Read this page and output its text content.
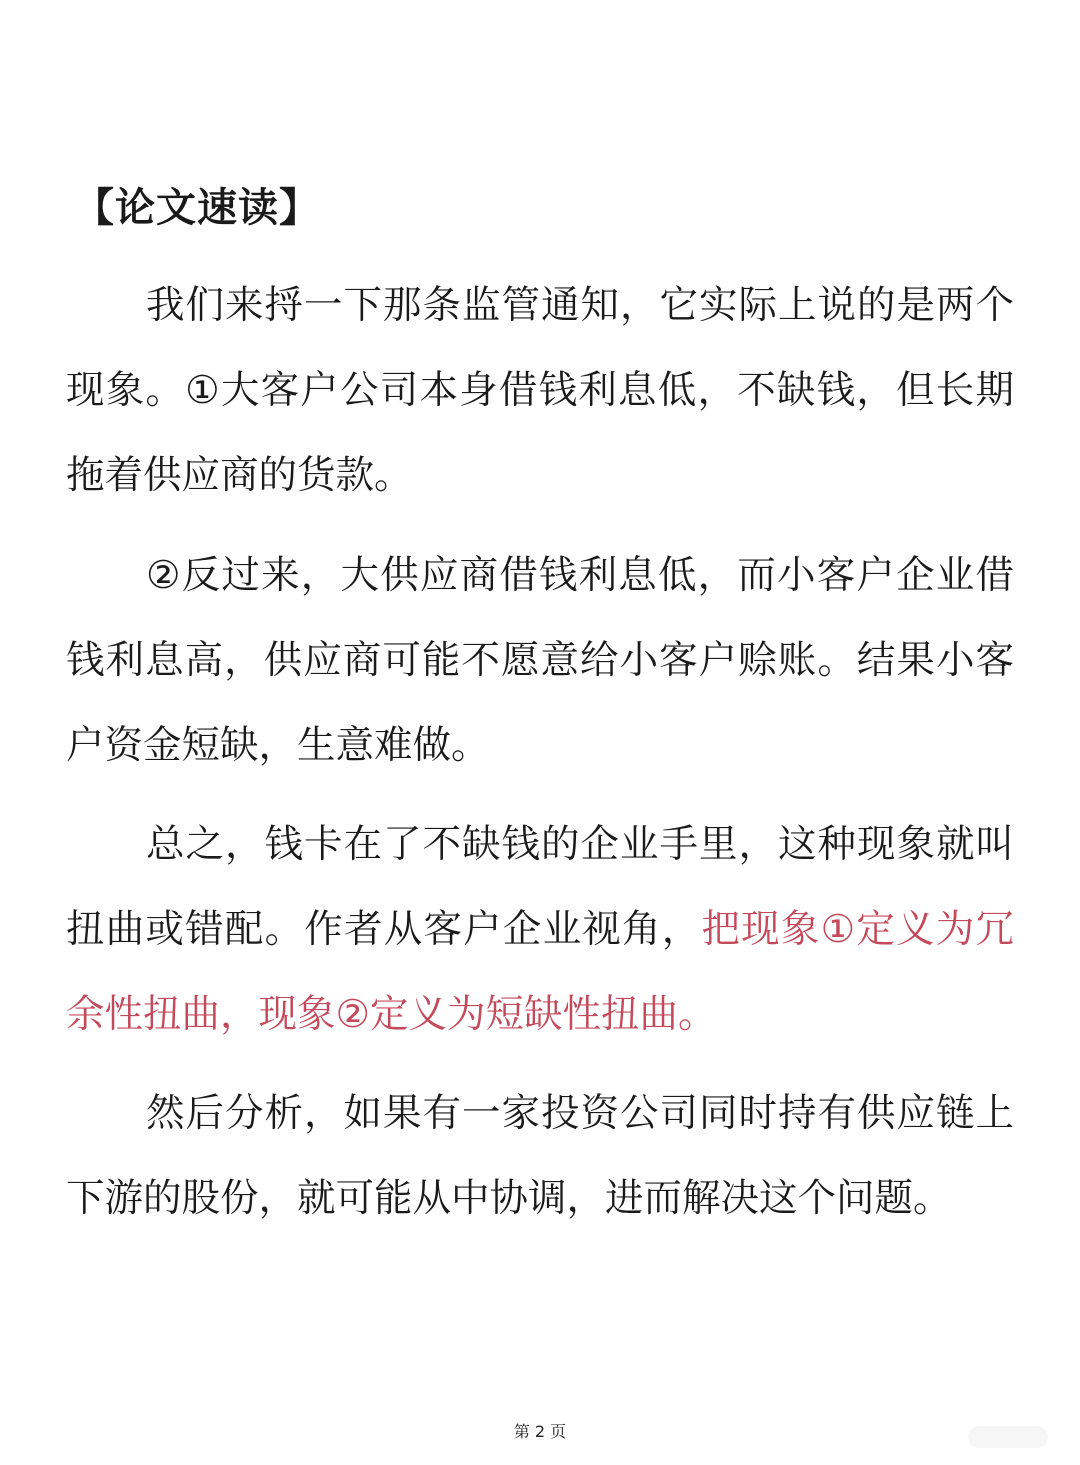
【论文速读】

我们来捋一下那条监管通知，它实际上说的是两个现象。①大客户公司本身借钱利息低，不缺钱，但长期拖着供应商的货款。

②反过来，大供应商借钱利息低，而小客户企业借钱利息高，供应商可能不愿意给小客户赊账。结果小客户资金短缺，生意难做。

总之，钱卡在了不缺钱的企业手里，这种现象就叫扭曲或错配。作者从客户企业视角，把现象①定义为冗余性扭曲，现象②定义为短缺性扭曲。

然后分析，如果有一家投资公司同时持有供应链上下游的股份，就可能从中协调，进而解决这个问题。

第 2 页
